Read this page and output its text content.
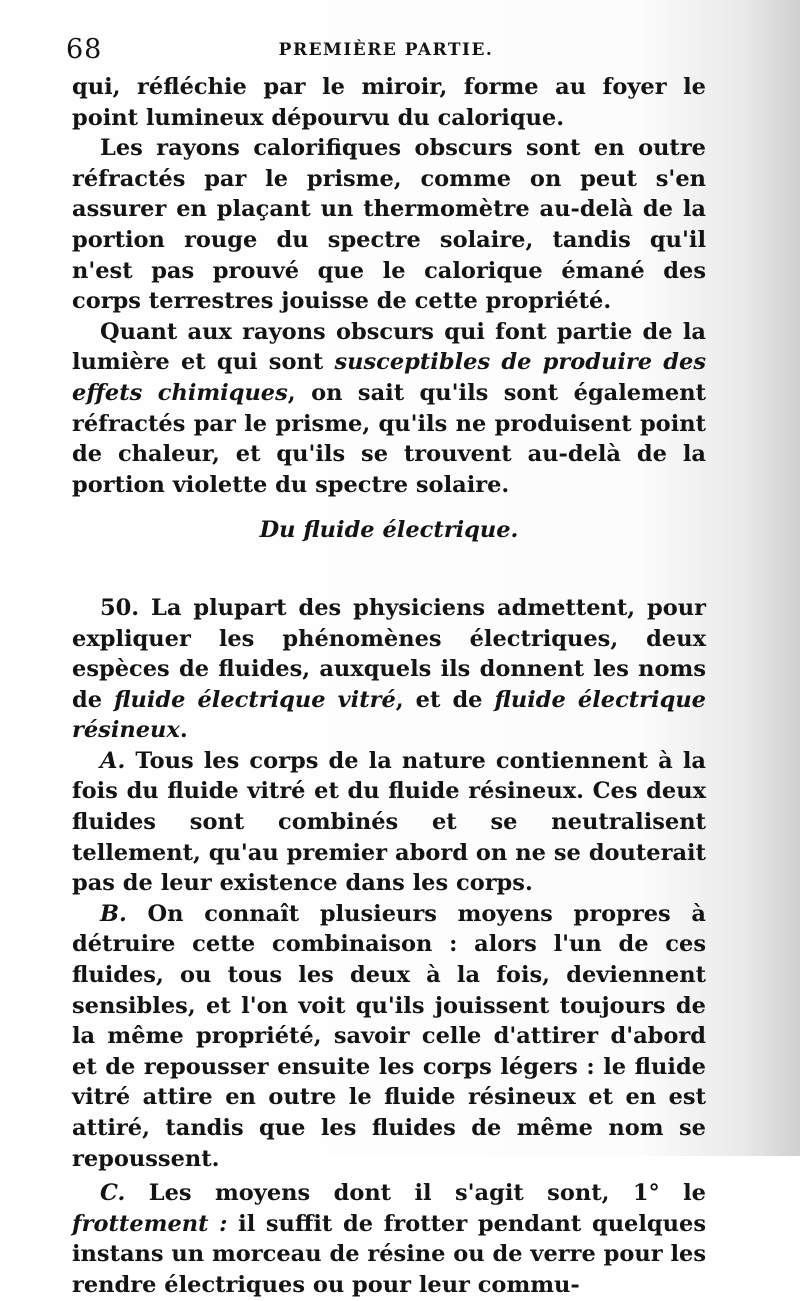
68	PREMIÈRE PARTIE.

qui, réfléchie par le miroir, forme au foyer le point lumineux dépourvu du calorique.

Les rayons calorifiques obscurs sont en outre réfractés par le prisme, comme on peut s'en assurer en plaçant un thermomètre au-delà de la portion rouge du spectre solaire, tandis qu'il n'est pas prouvé que le calorique émané des corps terrestres jouisse de cette propriété.

Quant aux rayons obscurs qui font partie de la lumière et qui sont susceptibles de produire des effets chimiques, on sait qu'ils sont également réfractés par le prisme, qu'ils ne produisent point de chaleur, et qu'ils se trouvent au-delà de la portion violette du spectre solaire.

Du fluide électrique.

50. La plupart des physiciens admettent, pour expliquer les phénomènes électriques, deux espèces de fluides, auxquels ils donnent les noms de fluide électrique vitré, et de fluide électrique résineux.

A. Tous les corps de la nature contiennent à la fois du fluide vitré et du fluide résineux. Ces deux fluides sont combinés et se neutralisent tellement, qu'au premier abord on ne se douterait pas de leur existence dans les corps.

B. On connaît plusieurs moyens propres à détruire cette combinaison : alors l'un de ces fluides, ou tous les deux à la fois, deviennent sensibles, et l'on voit qu'ils jouissent toujours de la même propriété, savoir celle d'attirer d'abord et de repousser ensuite les corps légers : le fluide vitré attire en outre le fluide résineux et en est attiré, tandis que les fluides de même nom se repoussent.

C. Les moyens dont il s'agit sont, 1° le frottement : il suffit de frotter pendant quelques instans un morceau de résine ou de verre pour les rendre électriques ou pour leur commu-
